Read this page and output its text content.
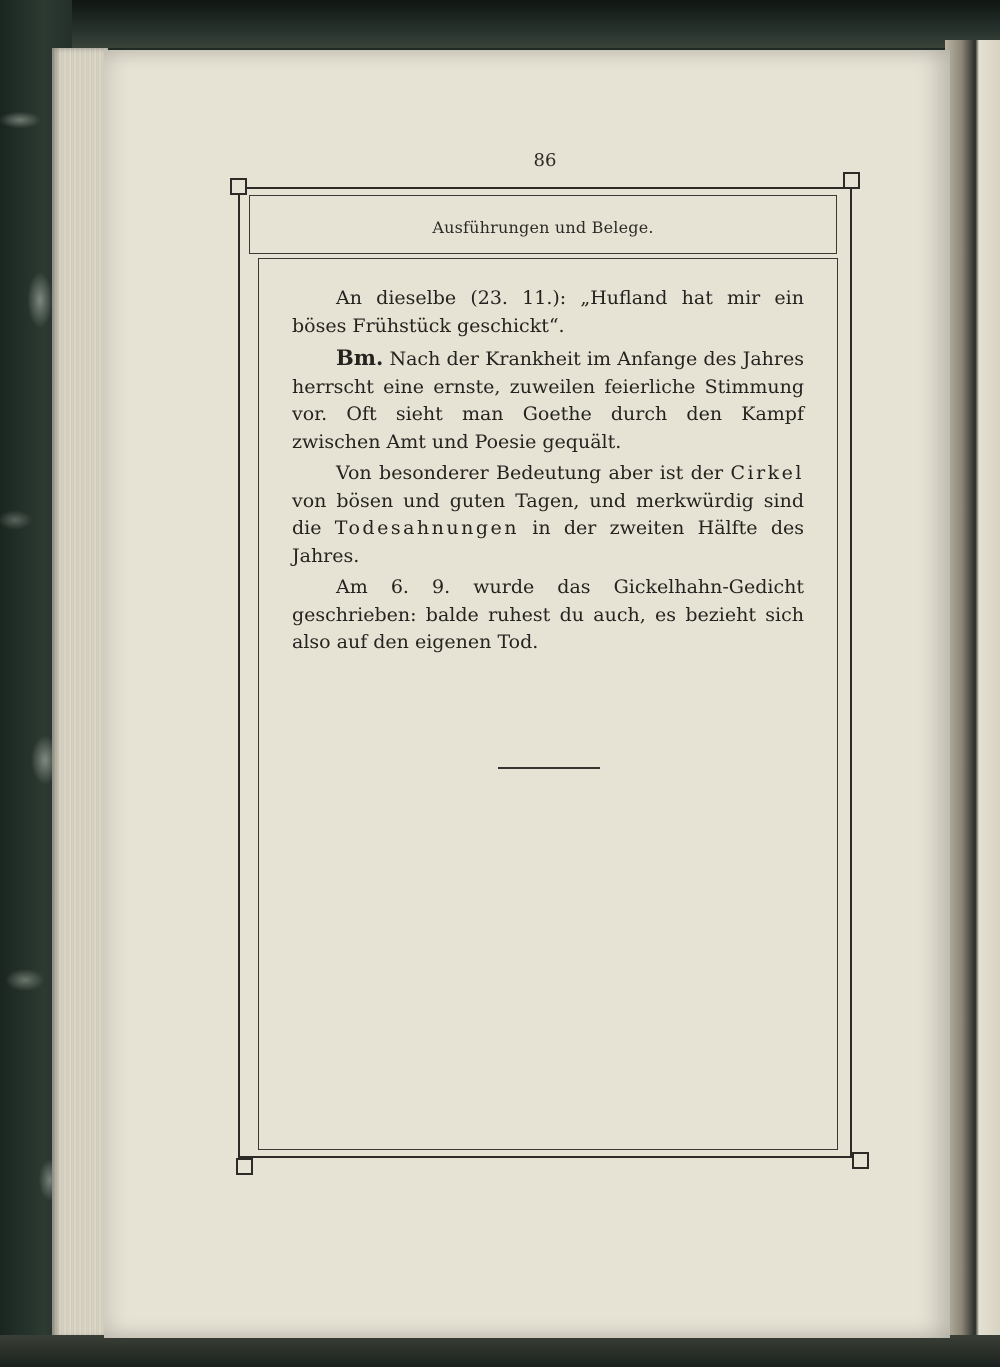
86
Ausführungen und Belege.

An dieselbe (23. 11.): „Hufland hat mir ein böses Frühstück geschickt“.

Bm. Nach der Krankheit im Anfange des Jahres herrscht eine ernste, zuweilen feierliche Stimmung vor. Oft sieht man Goethe durch den Kampf zwischen Amt und Poesie gequält.

Von besonderer Bedeutung aber ist der Cirkel von bösen und guten Tagen, und merkwürdig sind die Todesahnungen in der zweiten Hälfte des Jahres.

Am 6. 9. wurde das Gickelhahn-Gedicht geschrieben: balde ruhest du auch, es bezieht sich also auf den eigenen Tod.
